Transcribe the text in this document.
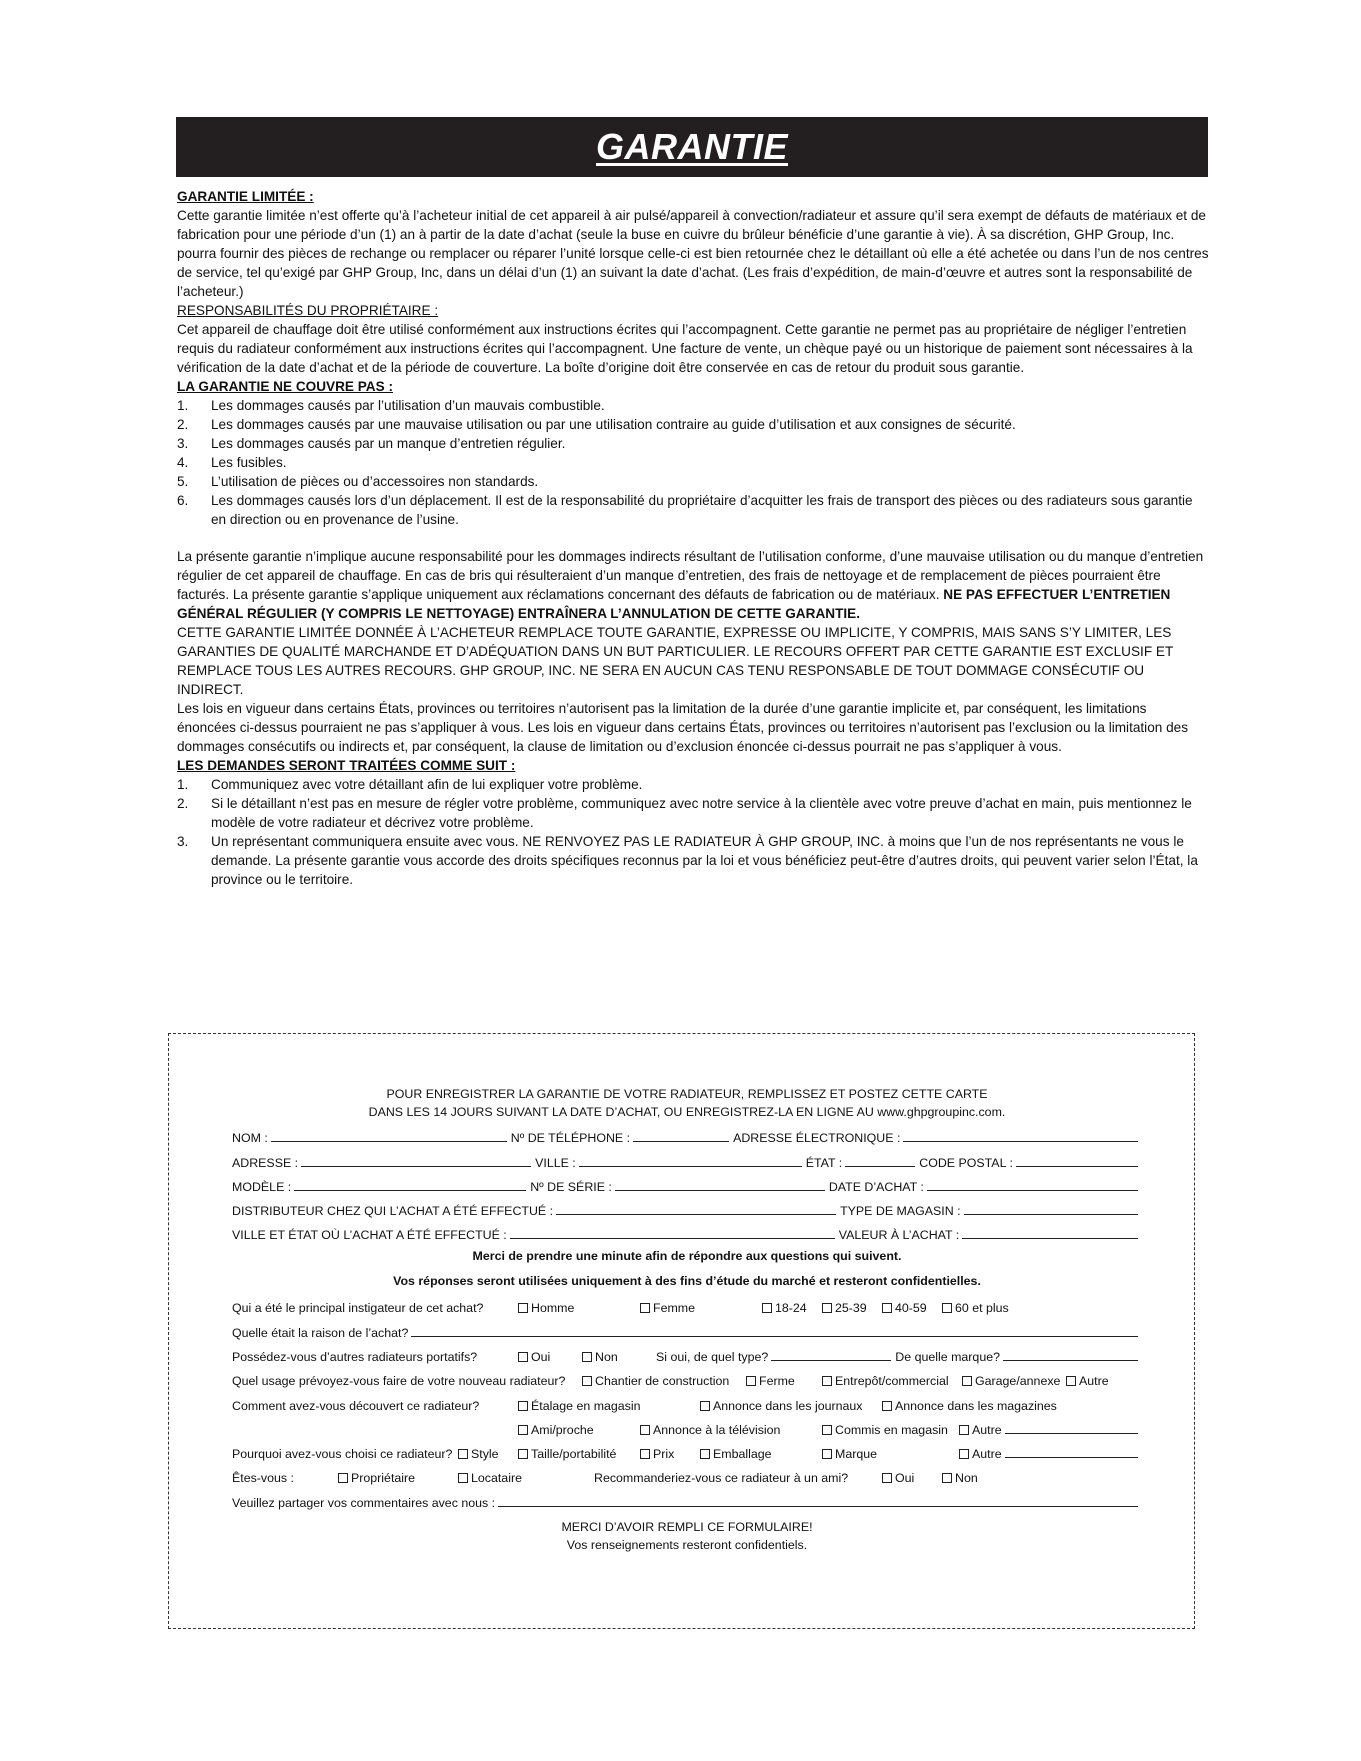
GARANTIE

GARANTIE LIMITÉE :

Cette garantie limitée n’est offerte qu’à l’acheteur initial de cet appareil à air pulsé/appareil à convection/radiateur et assure qu’il sera exempt de défauts de matériaux et de fabrication pour une période d’un (1) an à partir de la date d’achat (seule la buse en cuivre du brûleur bénéficie d’une garantie à vie). À sa discrétion, GHP Group, Inc. pourra fournir des pièces de rechange ou remplacer ou réparer l’unité lorsque celle-ci est bien retournée chez le détaillant où elle a été achetée ou dans l’un de nos centres de service, tel qu’exigé par GHP Group, Inc, dans un délai d’un (1) an suivant la date d’achat. (Les frais d’expédition, de main-d’œuvre et autres sont la responsabilité de l’acheteur.)

RESPONSABILITÉS DU PROPRIÉTAIRE :

Cet appareil de chauffage doit être utilisé conformément aux instructions écrites qui l’accompagnent. Cette garantie ne permet pas au propriétaire de négliger l’entretien requis du radiateur conformément aux instructions écrites qui l’accompagnent. Une facture de vente, un chèque payé ou un historique de paiement sont nécessaires à la vérification de la date d’achat et de la période de couverture. La boîte d’origine doit être conservée en cas de retour du produit sous garantie.

LA GARANTIE NE COUVRE PAS :

1.	Les dommages causés par l’utilisation d’un mauvais combustible.
2.	Les dommages causés par une mauvaise utilisation ou par une utilisation contraire au guide d’utilisation et aux consignes de sécurité.
3.	Les dommages causés par un manque d’entretien régulier.
4.	Les fusibles.
5.	L’utilisation de pièces ou d’accessoires non standards.
6.	Les dommages causés lors d’un déplacement. Il est de la responsabilité du propriétaire d’acquitter les frais de transport des pièces ou des radiateurs sous garantie en direction ou en provenance de l’usine.

La présente garantie n’implique aucune responsabilité pour les dommages indirects résultant de l’utilisation conforme, d’une mauvaise utilisation ou du manque d’entretien régulier de cet appareil de chauffage. En cas de bris qui résulteraient d’un manque d’entretien, des frais de nettoyage et de remplacement de pièces pourraient être facturés. La présente garantie s’applique uniquement aux réclamations concernant des défauts de fabrication ou de matériaux. NE PAS EFFECTUER L’ENTRETIEN GÉNÉRAL RÉGULIER (Y COMPRIS LE NETTOYAGE) ENTRAÎNERA L’ANNULATION DE CETTE GARANTIE.

CETTE GARANTIE LIMITÉE DONNÉE À L’ACHETEUR REMPLACE TOUTE GARANTIE, EXPRESSE OU IMPLICITE, Y COMPRIS, MAIS SANS S’Y LIMITER, LES GARANTIES DE QUALITÉ MARCHANDE ET D’ADÉQUATION DANS UN BUT PARTICULIER. LE RECOURS OFFERT PAR CETTE GARANTIE EST EXCLUSIF ET REMPLACE TOUS LES AUTRES RECOURS. GHP GROUP, INC. NE SERA EN AUCUN CAS TENU RESPONSABLE DE TOUT DOMMAGE CONSÉCUTIF OU INDIRECT.

Les lois en vigueur dans certains États, provinces ou territoires n’autorisent pas la limitation de la durée d’une garantie implicite et, par conséquent, les limitations énoncées ci-dessus pourraient ne pas s’appliquer à vous. Les lois en vigueur dans certains États, provinces ou territoires n’autorisent pas l’exclusion ou la limitation des dommages consécutifs ou indirects et, par conséquent, la clause de limitation ou d’exclusion énoncée ci-dessus pourrait ne pas s’appliquer à vous.

LES DEMANDES SERONT TRAITÉES COMME SUIT :

1.	Communiquez avec votre détaillant afin de lui expliquer votre problème.
2.	Si le détaillant n’est pas en mesure de régler votre problème, communiquez avec notre service à la clientèle avec votre preuve d’achat en main, puis mentionnez le modèle de votre radiateur et décrivez votre problème.
3.	Un représentant communiquera ensuite avec vous. NE RENVOYEZ PAS LE RADIATEUR À GHP GROUP, INC. à moins que l’un de nos représentants ne vous le demande. La présente garantie vous accorde des droits spécifiques reconnus par la loi et vous bénéficiez peut-être d’autres droits, qui peuvent varier selon l’État, la province ou le territoire.
POUR ENREGISTRER LA GARANTIE DE VOTRE RADIATEUR, REMPLISSEZ ET POSTEZ CETTE CARTE
DANS LES 14 JOURS SUIVANT LA DATE D’ACHAT, OU ENREGISTREZ-LA EN LIGNE AU www.ghpgroupinc.com.
NOM :	Nº DE TÉLÉPHONE :	ADRESSE ÉLECTRONIQUE :
ADRESSE :	VILLE :	ÉTAT :	CODE POSTAL :
MODÈLE :	Nº DE SÉRIE :	DATE D’ACHAT :
DISTRIBUTEUR CHEZ QUI L’ACHAT A ÉTÉ EFFECTUÉ :	TYPE DE MAGASIN :
VILLE ET ÉTAT OÙ L’ACHAT A ÉTÉ EFFECTUÉ :	VALEUR À L’ACHAT :
Merci de prendre une minute afin de répondre aux questions qui suivent.
Vos réponses seront utilisées uniquement à des fins d’étude du marché et resteront confidentielles.
Qui a été le principal instigateur de cet achat?	Homme	Femme	18-24	25-39	40-59	60 et plus
Quelle était la raison de l’achat?
Possédez-vous d’autres radiateurs portatifs?	Oui	Non	Si oui, de quel type?	De quelle marque?
Quel usage prévoyez-vous faire de votre nouveau radiateur?	Chantier de construction	Ferme	Entrepôt/commercial	Garage/annexe	Autre
Comment avez-vous découvert ce radiateur?	Étalage en magasin	Annonce dans les journaux	Annonce dans les magazines
Ami/proche	Annonce à la télévision	Commis en magasin	Autre
Pourquoi avez-vous choisi ce radiateur?	Style	Taille/portabilité	Prix	Emballage	Marque	Autre
Êtes-vous :	Propriétaire	Locataire	Recommanderiez-vous ce radiateur à un ami?	Oui	Non
Veuillez partager vos commentaires avec nous :
MERCI D’AVOIR REMPLI CE FORMULAIRE!
Vos renseignements resteront confidentiels.
